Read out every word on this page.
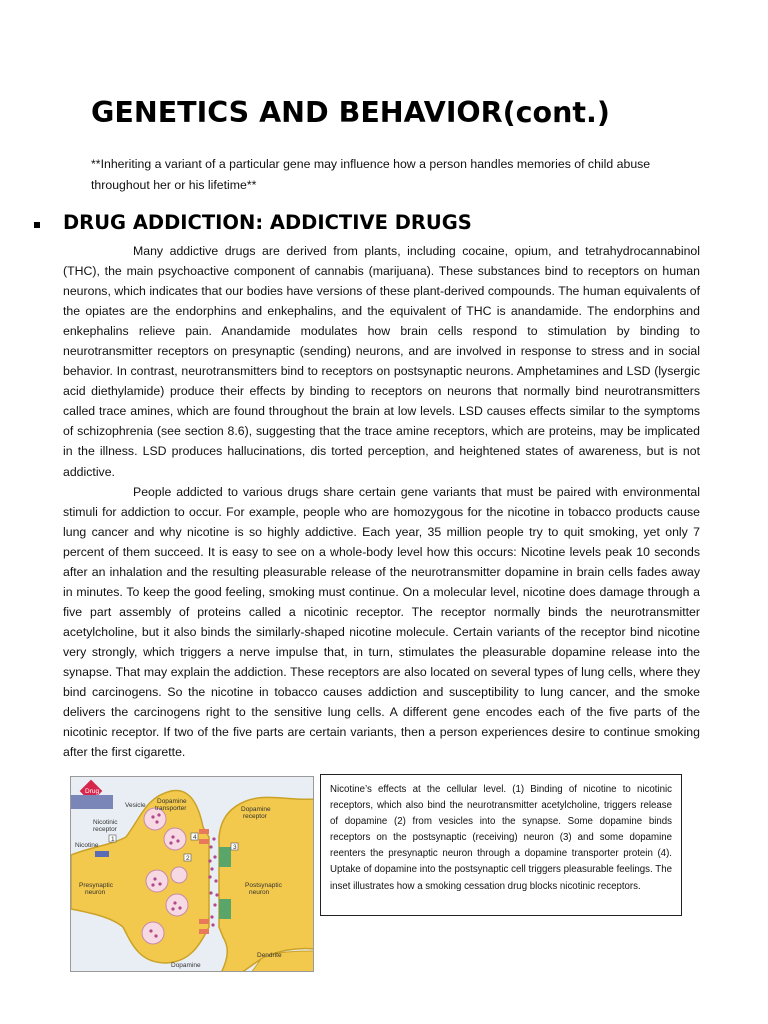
GENETICS AND BEHAVIOR(cont.)
**Inheriting a variant of a particular gene may influence how a person handles memories of child abuse throughout her or his lifetime**
DRUG ADDICTION: ADDICTIVE DRUGS

Many addictive drugs are derived from plants, including cocaine, opium, and tetrahydrocannabinol (THC), the main psychoactive component of cannabis (marijuana). These substances bind to receptors on human neurons, which indicates that our bodies have versions of these plant-derived compounds. The human equivalents of the opiates are the endorphins and enkephalins, and the equivalent of THC is anandamide. The endorphins and enkephalins relieve pain. Anandamide modulates how brain cells respond to stimulation by binding to neurotransmitter receptors on presynaptic (sending) neurons, and are involved in response to stress and in social behavior. In contrast, neurotransmitters bind to receptors on postsynaptic neurons. Amphetamines and LSD (lysergic acid diethylamide) produce their effects by binding to receptors on neurons that normally bind neurotransmitters called trace amines, which are found throughout the brain at low levels. LSD causes effects similar to the symptoms of schizophrenia (see section 8.6), suggesting that the trace amine receptors, which are proteins, may be implicated in the illness. LSD produces hallucinations, dis torted perception, and heightened states of awareness, but is not addictive.

People addicted to various drugs share certain gene variants that must be paired with environmental stimuli for addiction to occur. For example, people who are homozygous for the nicotine in tobacco products cause lung cancer and why nicotine is so highly addictive. Each year, 35 million people try to quit smoking, yet only 7 percent of them succeed. It is easy to see on a whole-body level how this occurs: Nicotine levels peak 10 seconds after an inhalation and the resulting pleasurable release of the neurotransmitter dopamine in brain cells fades away in minutes. To keep the good feeling, smoking must continue. On a molecular level, nicotine does damage through a five part assembly of proteins called a nicotinic receptor. The receptor normally binds the neurotransmitter acetylcholine, but it also binds the similarly-shaped nicotine molecule. Certain variants of the receptor bind nicotine very strongly, which triggers a nerve impulse that, in turn, stimulates the pleasurable dopamine release into the synapse. That may explain the addiction. These receptors are also located on several types of lung cells, where they bind carcinogens. So the nicotine in tobacco causes addiction and susceptibility to lung cancer, and the smoke delivers the carcinogens right to the sensitive lung cells. A different gene encodes each of the five parts of the nicotinic receptor. If two of the five parts are certain variants, then a person experiences desire to continue smoking after the first cigarette.

1
2
3
4
Drug
Vesicle
Dopamine
transporter	Dopamine
receptor
Nicotinic
receptor
Nicotine
Presynaptic
neuron
Postsynaptic
neuron
Dopamine
Dendrite
Nicotine’s effects at the cellular level. (1) Binding of nicotine to nicotinic receptors, which also bind the neurotransmitter acetylcholine, triggers release of dopamine (2) from vesicles into the synapse. Some dopamine binds receptors on the postsynaptic (receiving) neuron (3) and some dopamine reenters the presynaptic neuron through a dopamine transporter protein (4). Uptake of dopamine into the postsynaptic cell triggers pleasurable feelings. The inset illustrates how a smoking cessation drug blocks nicotinic receptors.
